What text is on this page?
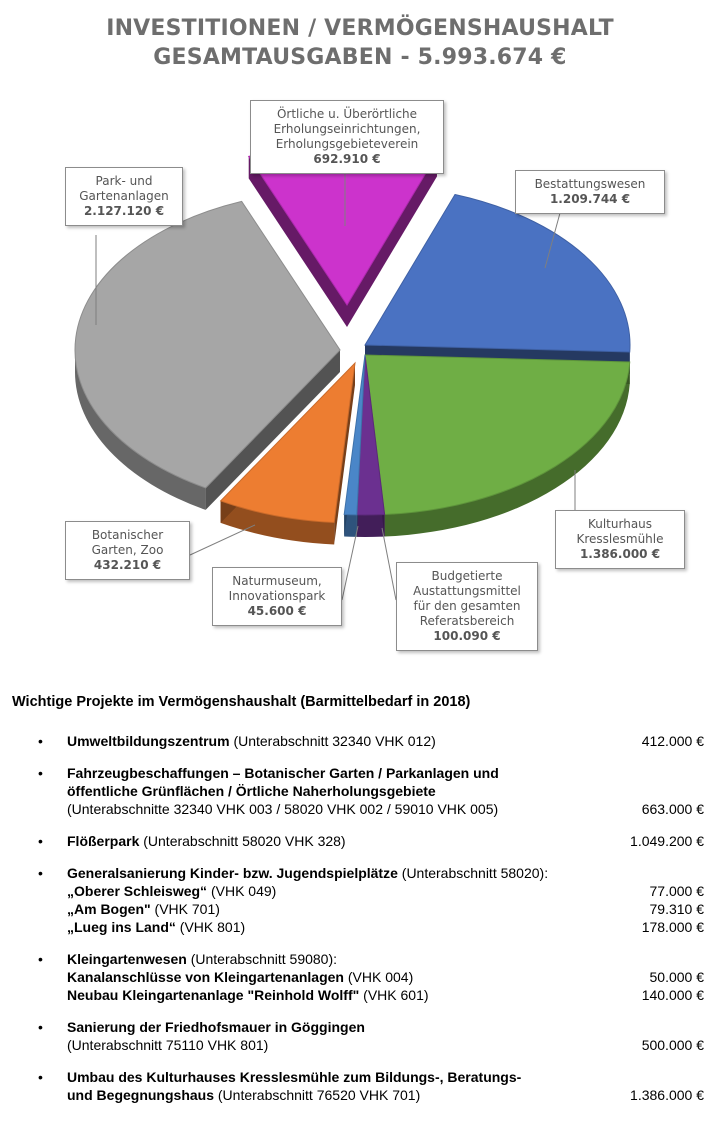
INVESTITIONEN / VERMÖGENSHAUSHALT
GESAMTAUSGABEN - 5.993.674 €
Örtliche u. Überörtliche
Erholungseinrichtungen,
Erholungsgebieteverein
692.910 €
Bestattungswesen
1.209.744 €
Kulturhaus
Kresslesmühle
1.386.000 €
Budgetierte
Austattungsmittel
für den gesamten
Referatsbereich
100.090 €
Naturmuseum,
Innovationspark
45.600 €
Botanischer
Garten, Zoo
432.210 €
Park- und
Gartenanlagen
2.127.120 €
Wichtige Projekte im Vermögenshaushalt (Barmittelbedarf in 2018)
• Umweltbildungszentrum (Unterabschnitt 32340 VHK 012)	412.000 €
• Fahrzeugbeschaffungen – Botanischer Garten / Parkanlagen und
öffentliche Grünflächen / Örtliche Naherholungsgebiete
(Unterabschnitte 32340 VHK 003 / 58020 VHK 002 / 59010 VHK 005)	663.000 €
• Flößerpark (Unterabschnitt 58020 VHK 328)	1.049.200 €
• Generalsanierung Kinder- bzw. Jugendspielplätze (Unterabschnitt 58020):
„Oberer Schleisweg“ (VHK 049)	77.000 €
„Am Bogen" (VHK 701)	79.310 €
„Lueg ins Land“ (VHK 801)	178.000 €
• Kleingartenwesen (Unterabschnitt 59080):
Kanalanschlüsse von Kleingartenanlagen (VHK 004)	50.000 €
Neubau Kleingartenanlage "Reinhold Wolff" (VHK 601)	140.000 €
• Sanierung der Friedhofsmauer in Göggingen
(Unterabschnitt 75110 VHK 801)	500.000 €
• Umbau des Kulturhauses Kresslesmühle zum Bildungs-, Beratungs-
und Begegnungshaus (Unterabschnitt 76520 VHK 701)	1.386.000 €
